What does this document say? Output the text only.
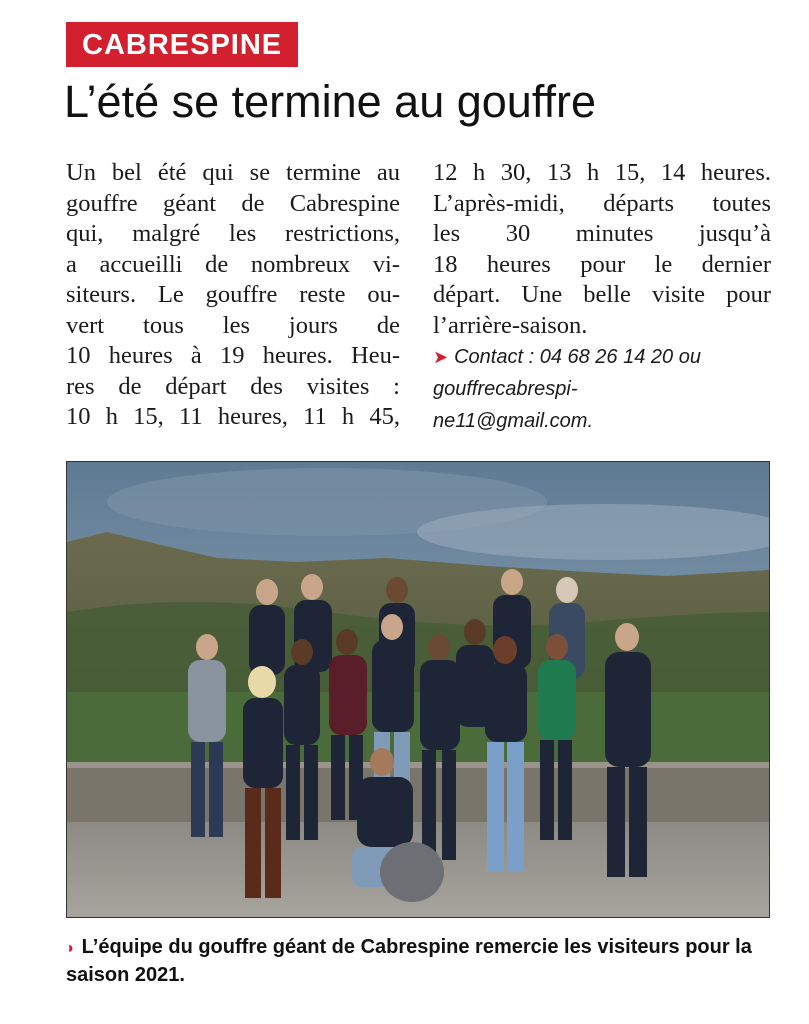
CABRESPINE
L’été se termine au gouffre
Un bel été qui se termine au
gouffre géant de Cabrespine
qui, malgré les restrictions,
a accueilli de nombreux vi-
siteurs. Le gouffre reste ou-
vert tous les jours de
10 heures à 19 heures. Heu-
res de départ des visites :
10 h 15, 11 heures, 11 h 45,
12 h 30, 13 h 15, 14 heures.
L’après-midi, départs toutes
les 30 minutes jusqu’à
18 heures pour le dernier
départ. Une belle visite pour
l’arrière-saison.
➤ Contact : 04 68 26 14 20 ou
gouffrecabrespi-
ne11@gmail.com.
◗ L’équipe du gouffre géant de Cabrespine remercie les visiteurs pour la saison 2021.
